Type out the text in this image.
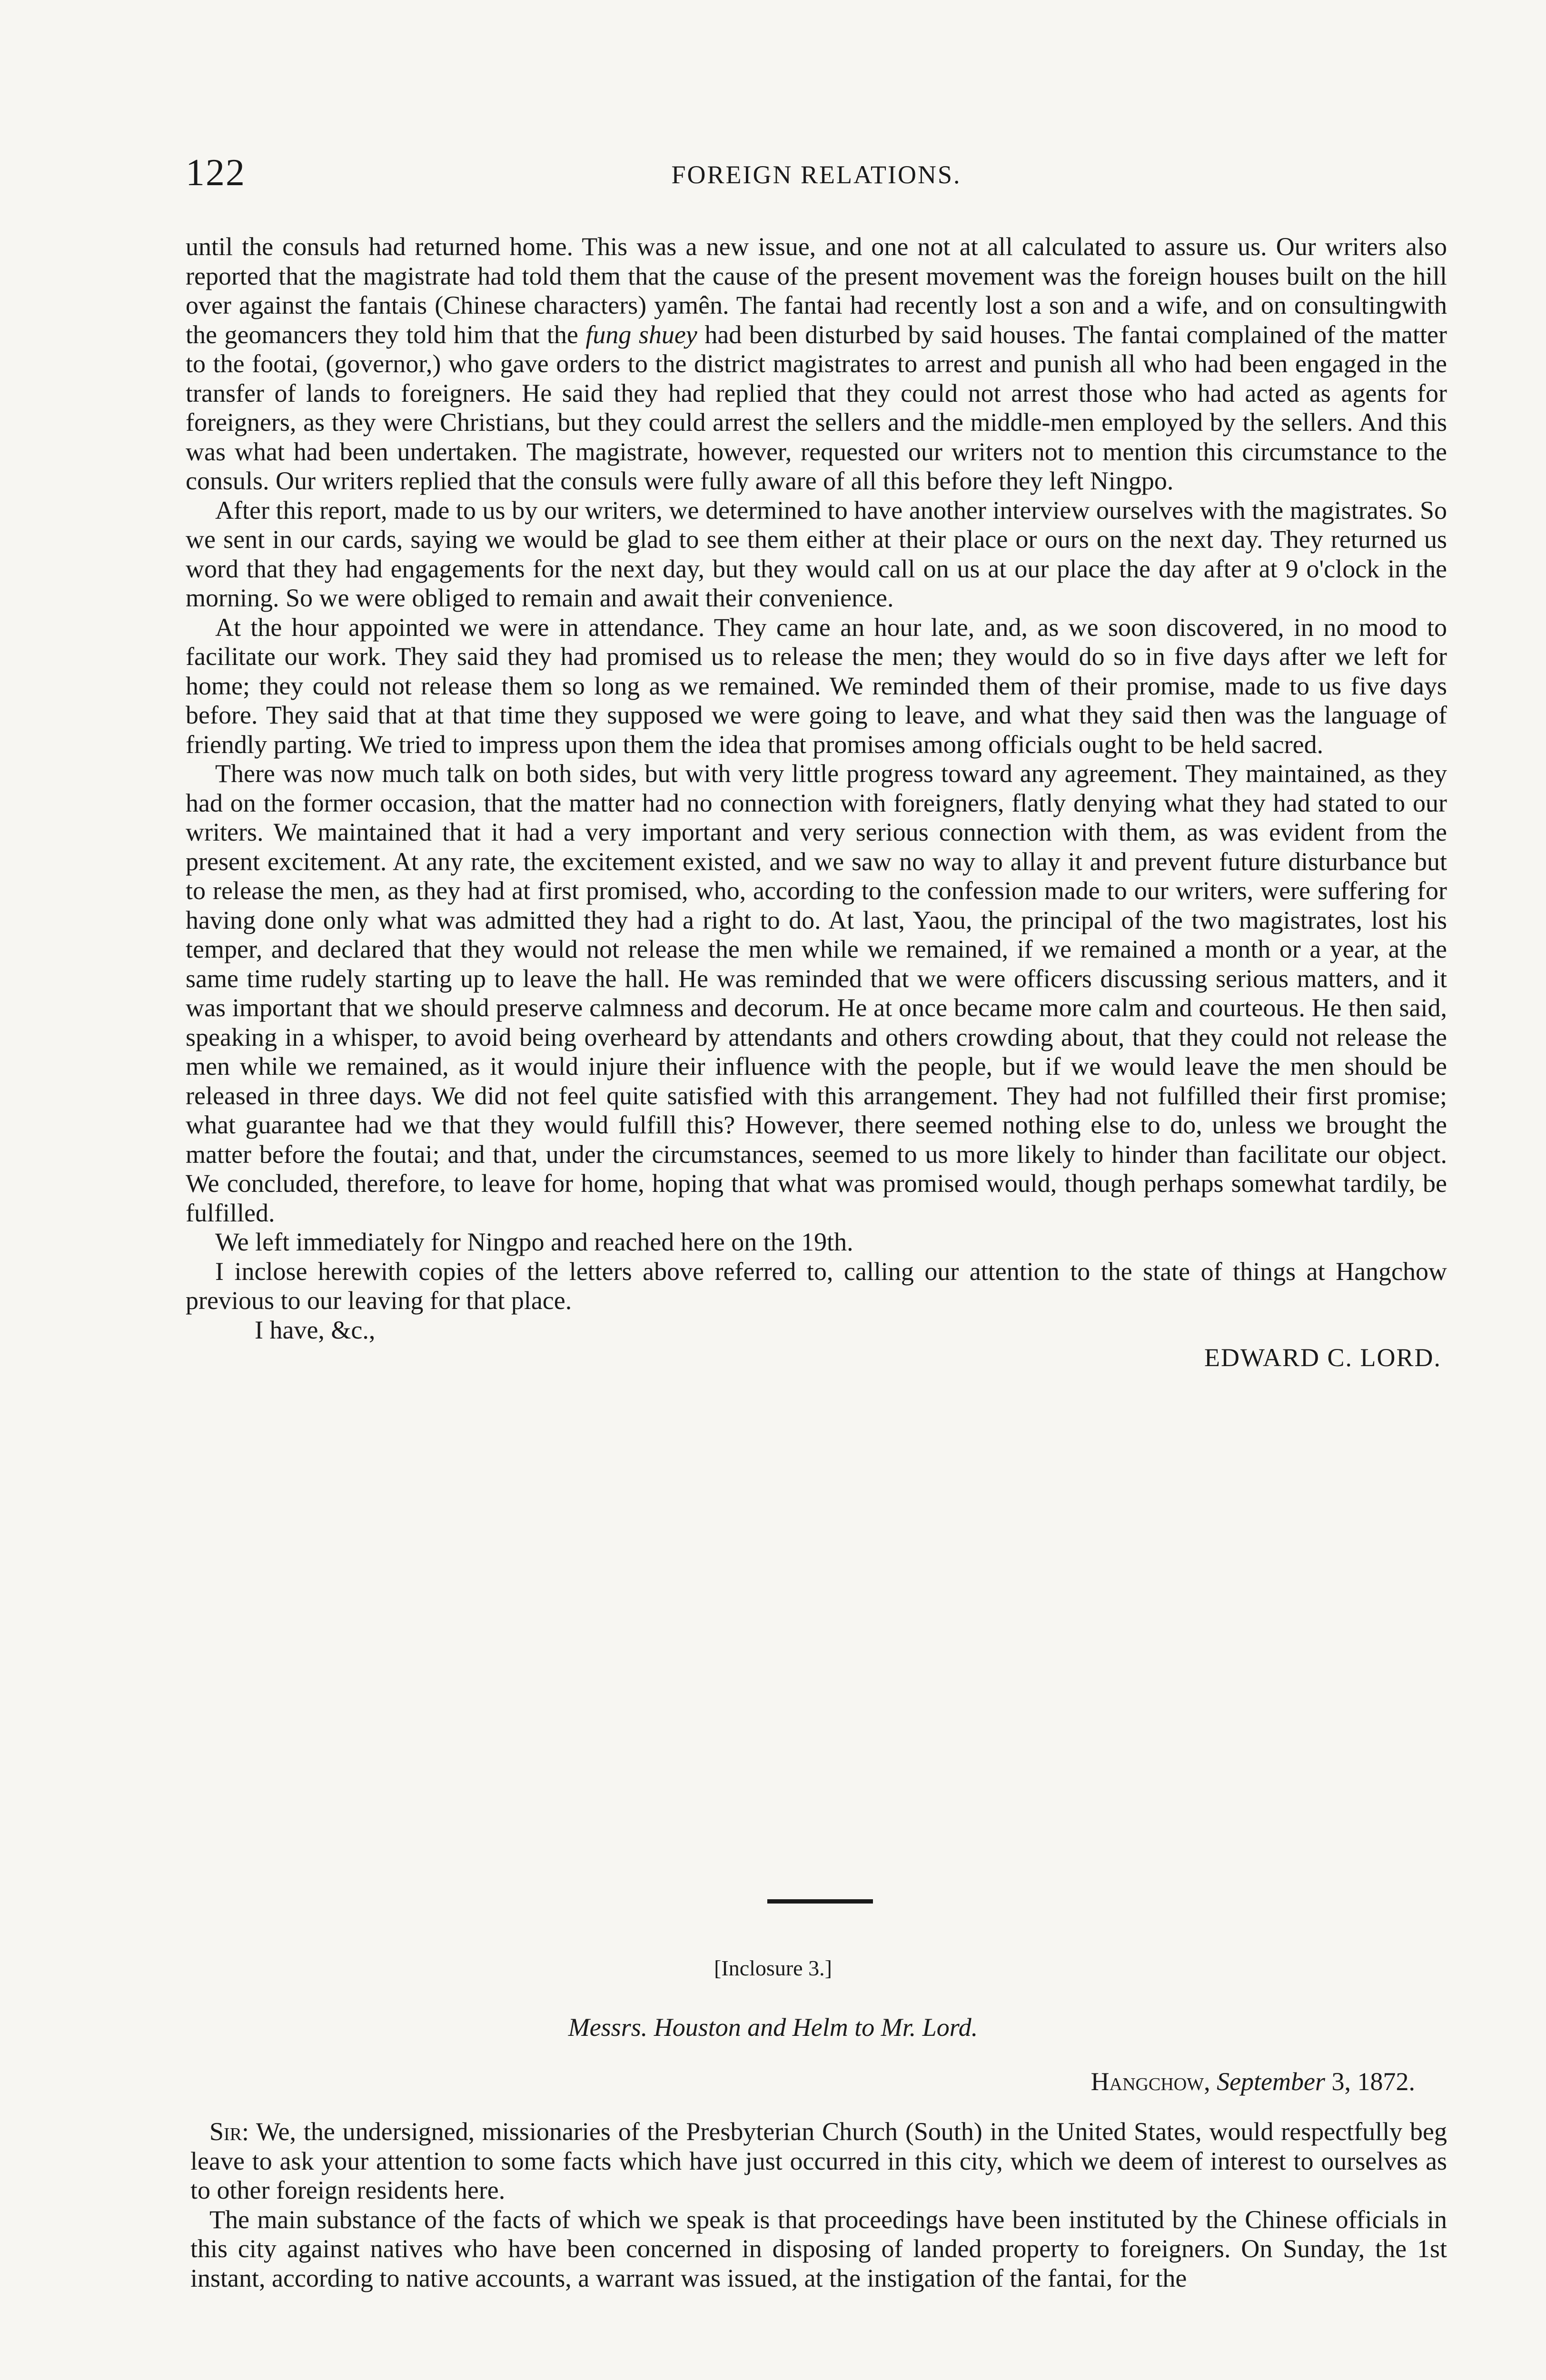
122	FOREIGN RELATIONS.

until the consuls had returned home. This was a new issue, and one not at all calculated to assure us. Our writers also reported that the magistrate had told them that the cause of the present movement was the foreign houses built on the hill over against the fantais (Chinese characters) yamên. The fantai had recently lost a son and a wife, and on consultingwith the geomancers they told him that the fung shuey had been disturbed by said houses. The fantai complained of the matter to the footai, (governor,) who gave orders to the district magistrates to arrest and punish all who had been engaged in the transfer of lands to foreigners. He said they had replied that they could not arrest those who had acted as agents for foreigners, as they were Christians, but they could arrest the sellers and the middle-men employed by the sellers. And this was what had been undertaken. The magistrate, however, requested our writers not to mention this circumstance to the consuls. Our writers replied that the consuls were fully aware of all this before they left Ningpo.

After this report, made to us by our writers, we determined to have another interview ourselves with the magistrates. So we sent in our cards, saying we would be glad to see them either at their place or ours on the next day. They returned us word that they had engagements for the next day, but they would call on us at our place the day after at 9 o'clock in the morning. So we were obliged to remain and await their convenience.

At the hour appointed we were in attendance. They came an hour late, and, as we soon discovered, in no mood to facilitate our work. They said they had promised us to release the men; they would do so in five days after we left for home; they could not release them so long as we remained. We reminded them of their promise, made to us five days before. They said that at that time they supposed we were going to leave, and what they said then was the language of friendly parting. We tried to impress upon them the idea that promises among officials ought to be held sacred.

There was now much talk on both sides, but with very little progress toward any agreement. They maintained, as they had on the former occasion, that the matter had no connection with foreigners, flatly denying what they had stated to our writers. We maintained that it had a very important and very serious connection with them, as was evident from the present excitement. At any rate, the excitement existed, and we saw no way to allay it and prevent future disturbance but to release the men, as they had at first promised, who, according to the confession made to our writers, were suffering for having done only what was admitted they had a right to do. At last, Yaou, the principal of the two magistrates, lost his temper, and declared that they would not release the men while we remained, if we remained a month or a year, at the same time rudely starting up to leave the hall. He was reminded that we were officers discussing serious matters, and it was important that we should preserve calmness and decorum. He at once became more calm and courteous. He then said, speaking in a whisper, to avoid being overheard by attendants and others crowding about, that they could not release the men while we remained, as it would injure their influence with the people, but if we would leave the men should be released in three days. We did not feel quite satisfied with this arrangement. They had not fulfilled their first promise; what guarantee had we that they would fulfill this? However, there seemed nothing else to do, unless we brought the matter before the foutai; and that, under the circumstances, seemed to us more likely to hinder than facilitate our object. We concluded, therefore, to leave for home, hoping that what was promised would, though perhaps somewhat tardily, be fulfilled.

We left immediately for Ningpo and reached here on the 19th.

I inclose herewith copies of the letters above referred to, calling our attention to the state of things at Hangchow previous to our leaving for that place.

I have, &c.,

EDWARD C. LORD.

[Inclosure 3.]
Messrs. Houston and Helm to Mr. Lord.
Hangchow, September 3, 1872.

Sir: We, the undersigned, missionaries of the Presbyterian Church (South) in the United States, would respectfully beg leave to ask your attention to some facts which have just occurred in this city, which we deem of interest to ourselves as to other foreign residents here.

The main substance of the facts of which we speak is that proceedings have been instituted by the Chinese officials in this city against natives who have been concerned in disposing of landed property to foreigners. On Sunday, the 1st instant, according to native accounts, a warrant was issued, at the instigation of the fantai, for the
